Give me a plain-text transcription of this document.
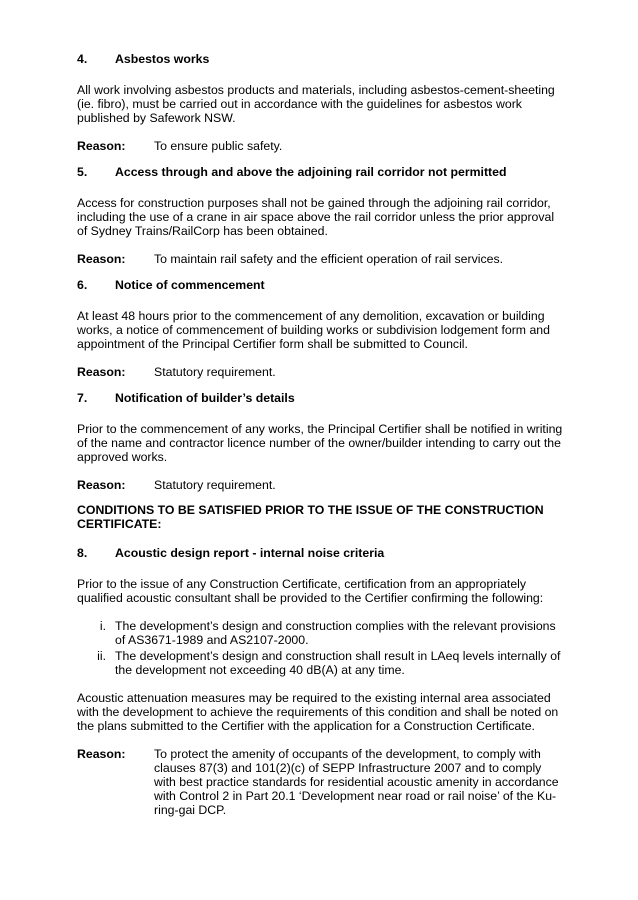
4.	Asbestos works

All work involving asbestos products and materials, including asbestos-cement-sheeting (ie. fibro), must be carried out in accordance with the guidelines for asbestos work published by Safework NSW.

Reason:	To ensure public safety.
5.	Access through and above the adjoining rail corridor not permitted

Access for construction purposes shall not be gained through the adjoining rail corridor, including the use of a crane in air space above the rail corridor unless the prior approval of Sydney Trains/RailCorp has been obtained.

Reason:	To maintain rail safety and the efficient operation of rail services.
6.	Notice of commencement

At least 48 hours prior to the commencement of any demolition, excavation or building works, a notice of commencement of building works or subdivision lodgement form and appointment of the Principal Certifier form shall be submitted to Council.

Reason:	Statutory requirement.
7.	Notification of builder’s details

Prior to the commencement of any works, the Principal Certifier shall be notified in writing of the name and contractor licence number of the owner/builder intending to carry out the approved works.

Reason:	Statutory requirement.
CONDITIONS TO BE SATISFIED PRIOR TO THE ISSUE OF THE CONSTRUCTION CERTIFICATE:
8.	Acoustic design report - internal noise criteria

Prior to the issue of any Construction Certificate, certification from an appropriately qualified acoustic consultant shall be provided to the Certifier confirming the following:

i. The development’s design and construction complies with the relevant provisions of AS3671-1989 and AS2107-2000.
ii. The development’s design and construction shall result in LAeq levels internally of the development not exceeding 40 dB(A) at any time.

Acoustic attenuation measures may be required to the existing internal area associated with the development to achieve the requirements of this condition and shall be noted on the plans submitted to the Certifier with the application for a Construction Certificate.

Reason:	To protect the amenity of occupants of the development, to comply with clauses 87(3) and 101(2)(c) of SEPP Infrastructure 2007 and to comply with best practice standards for residential acoustic amenity in accordance with Control 2 in Part 20.1 ‘Development near road or rail noise’ of the Ku-ring-gai DCP.
